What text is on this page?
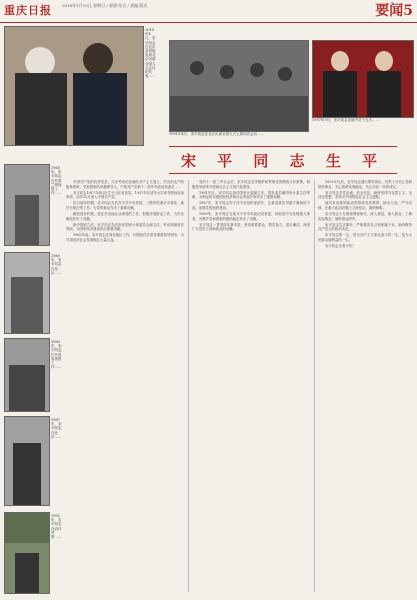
重庆日报	2016年1月10日 星期日 / 要闻·综合 / 责编 版式	要闻5
2010年4月，宋平同志在北京亲切接见到北京出席全国人大会议的代表……
1991年4月，宋平同志在北京出席全国人大七届四次会议……
1997年9月，宋平同志出席中共十五大……
1965年，宋平同志在甘肃兰州视察工作……
1980年，宋平同志在北京……
1983年，宋平同志在甘肃省视察工作……
1987年，宋平同志在北京……
1992年，宋平同志在农村考察……
宋 平 同 志 生 平

中国共产党的优秀党员，久经考验的忠诚的共产主义战士，杰出的无产阶级革命家，党和国家的卓越领导人，中国共产党第十二届中央政治局委员……

宋平同志1917年4月出生于山东省莒县。1937年在清华大学读书期间参加革命，同年12月加入中国共产党。

抗日战争时期，宋平同志先后在中共中央党校、八路军驻重庆办事处、新华日报社等工作，为党的事业作出了重要贡献。

解放战争时期，他在东北地区从事党的工作，积极开展群众工作，为东北解放作出了贡献。

新中国成立后，宋平同志先后担任国家计划委员会副主任、劳动部副部长等职，为国家经济建设作出重要贡献。

1963年起，宋平同志在西北地区工作，长期担任甘肃省重要领导职务，为甘肃经济社会发展倾注大量心血。

党的十一届三中全会后，宋平同志坚决拥护和贯彻党的路线方针政策，积极投身改革开放和社会主义现代化建设。

1981年后，宋平同志担任国家计委副主任、国务委员兼国家计委主任等职，为制定和实施国民经济和社会发展计划作出了重要贡献。

1987年，宋平同志任中共中央组织部部长，注重选拔任用德才兼备的干部，加强党的组织建设。

1989年，宋平同志当选为中共中央政治局常委，协助党中央处理重大事务，为维护党和国家的团结稳定作出了贡献。

宋平同志一贯坚持实事求是，密切联系群众，艰苦奋斗，清正廉洁，深受广大党员干部和群众的爱戴。

1992年以后，宋平同志退出领导岗位，仍然十分关心党和国家事业，关心改革发展稳定，关心年轻一代的成长。

宋平同志对党忠诚，信念坚定，始终坚持马克思主义、毛泽东思想，坚持走中国特色社会主义道路。

他具有高度的政治觉悟和党性修养，顾全大局，严守纪律，在重大政治问题上立场坚定、旗帜鲜明。

宋平同志十分重视调查研究，深入基层，深入群众，了解实际情况，倾听群众呼声。

宋平同志生活简朴，严格要求自己和家属子女，始终保持共产党人的政治本色。

宋平同志的一生，是为共产主义事业奋斗的一生，是为人民群众谋利益的一生。

宋平同志永垂不朽！
